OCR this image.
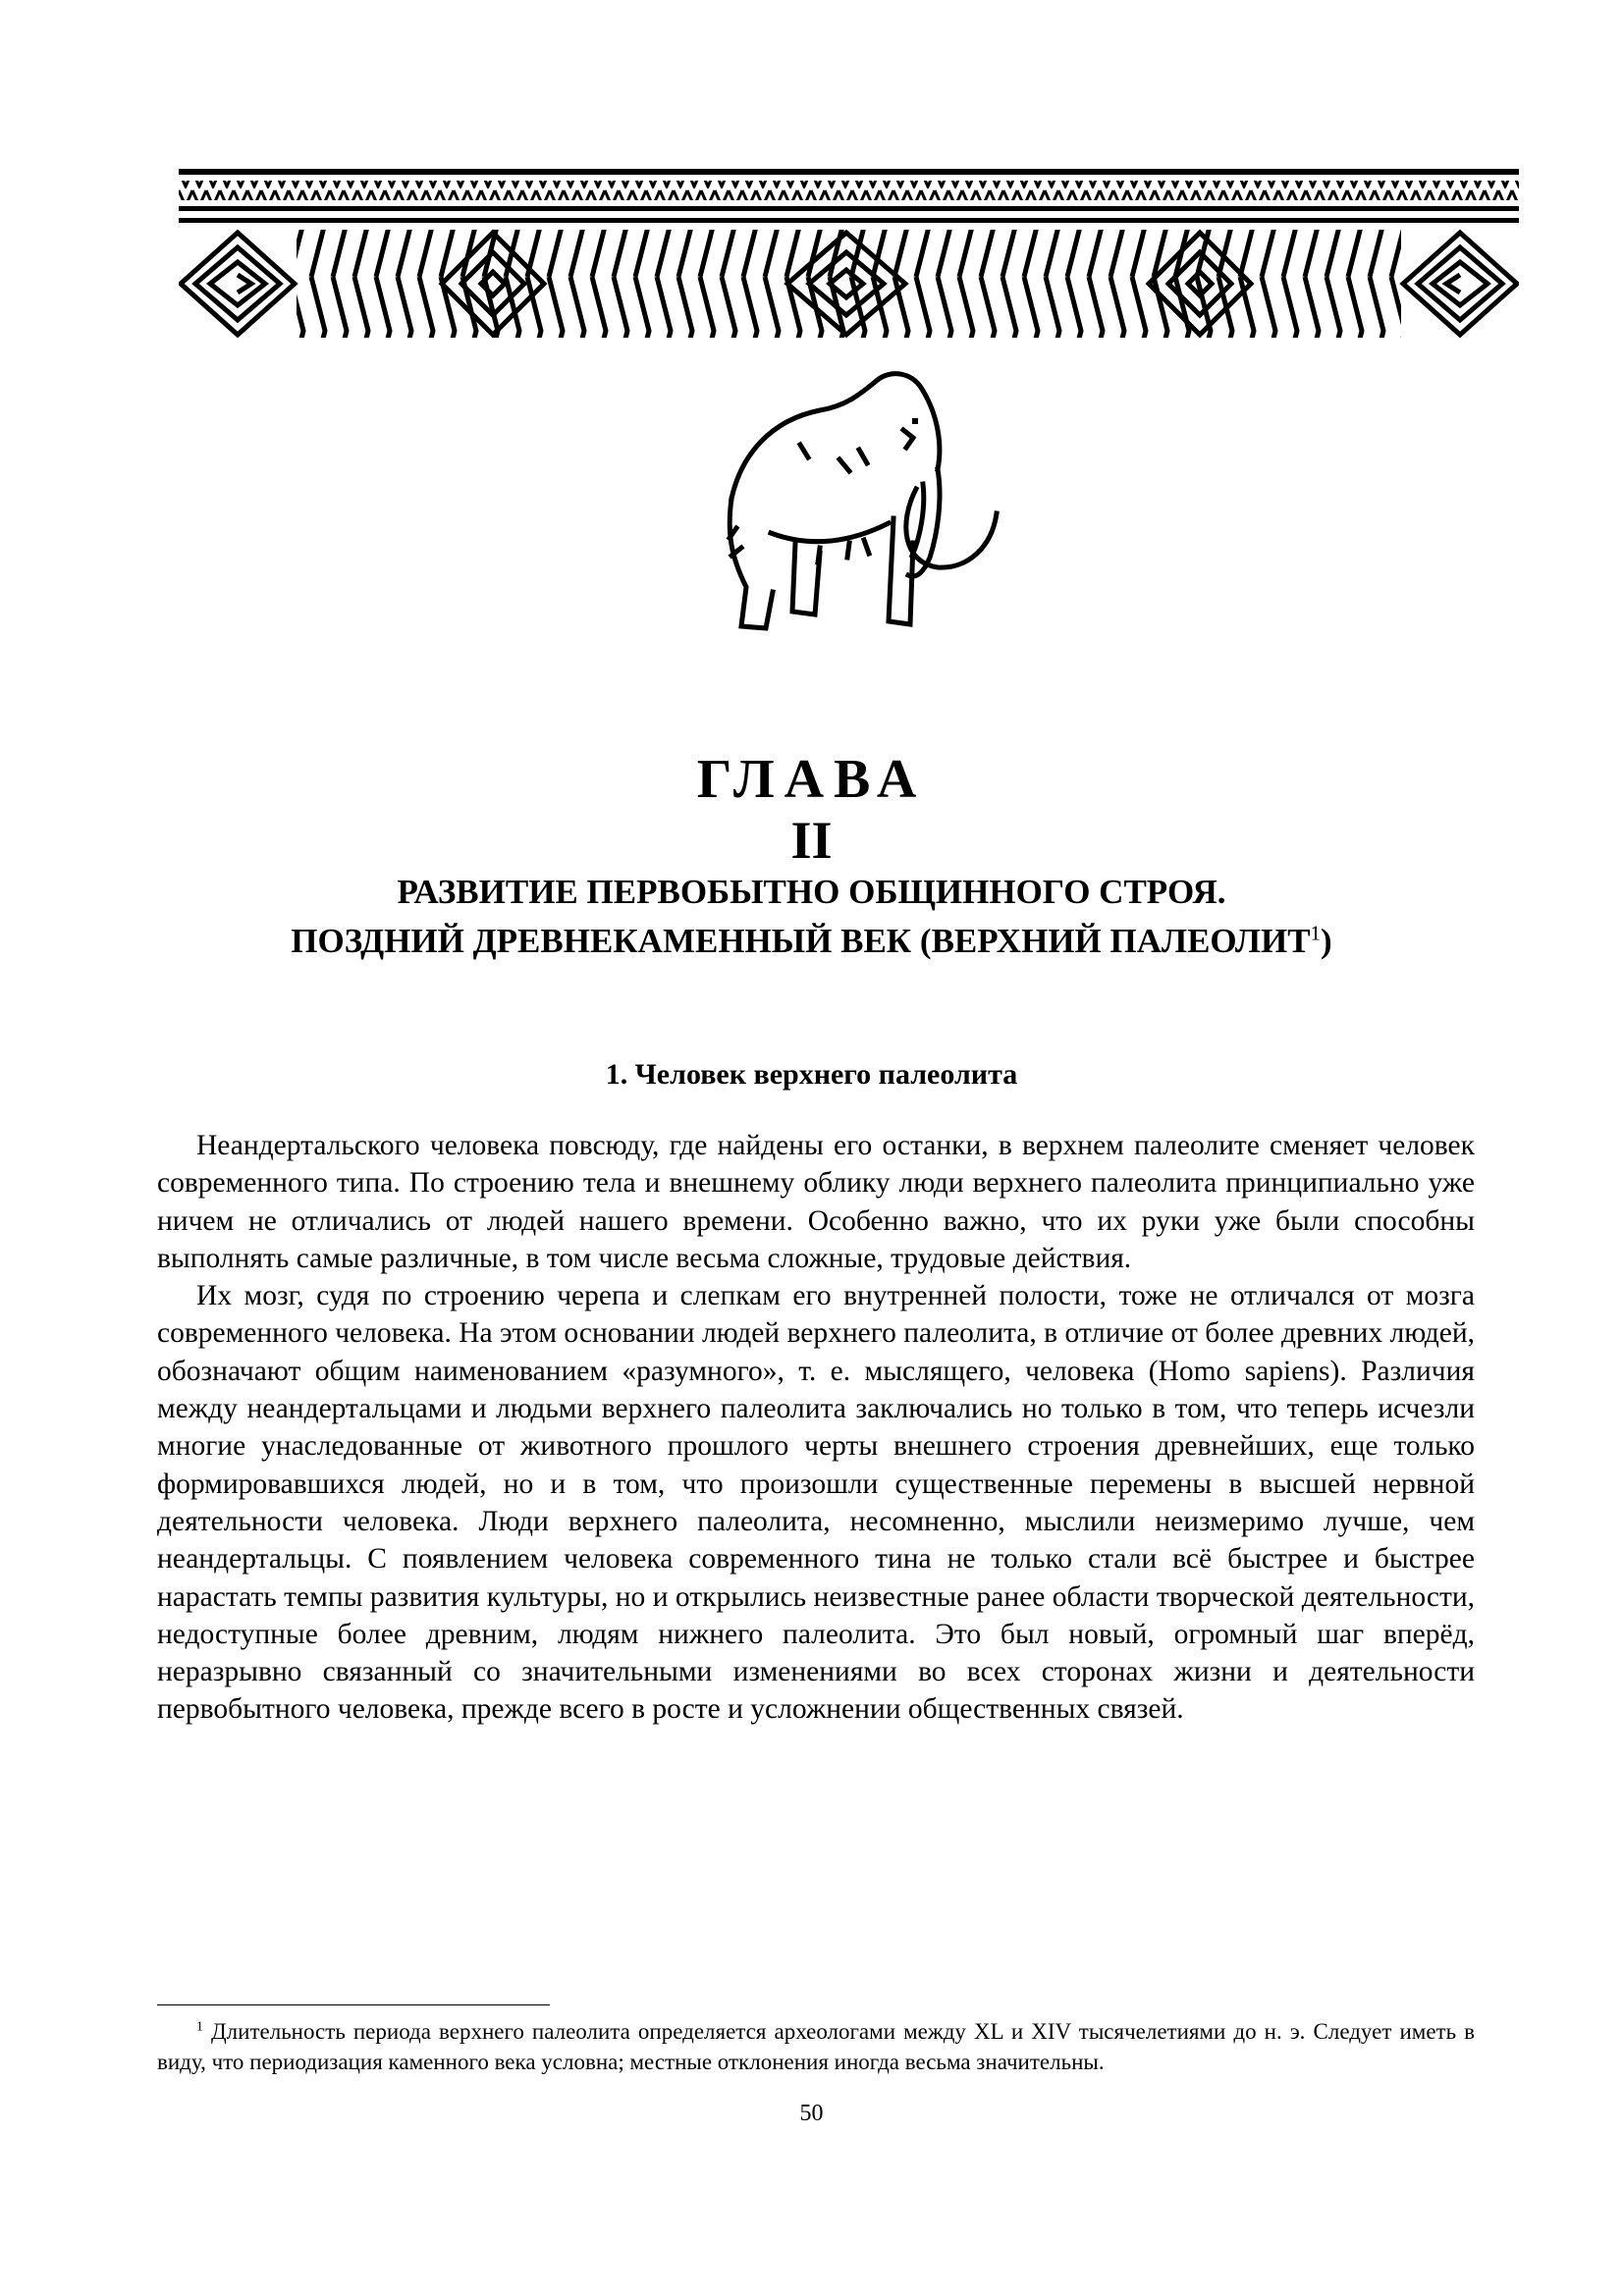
ГЛАВА
II
РАЗВИТИЕ ПЕРВОБЫТНО ОБЩИННОГО СТРОЯ.
ПОЗДНИЙ ДРЕВНЕКАМЕННЫЙ ВЕК (ВЕРХНИЙ ПАЛЕОЛИТ$^1$)
1. Человек верхнего палеолита

Неандертальского человека повсюду, где найдены его останки, в верхнем палеолите сменяет человек современного типа. По строению тела и внешнему облику люди верхнего палеолита принципиально уже ничем не отличались от людей нашего времени. Особенно важно, что их руки уже были способны выполнять самые различные, в том числе весьма сложные, трудовые действия.

Их мозг, судя по строению черепа и слепкам его внутренней полости, тоже не отличался от мозга современного человека. На этом основании людей верхнего палеолита, в отличие от более древних людей, обозначают общим наименованием «разумного», т. е. мыслящего, человека (Homo sapiens). Различия между неандертальцами и людьми верхнего палеолита заключались но только в том, что теперь исчезли многие унаследованные от животного прошлого черты внешнего строения древнейших, еще только формировавшихся людей, но и в том, что произошли существенные перемены в высшей нервной деятельности человека. Люди верхнего палеолита, несомненно, мыслили неизмеримо лучше, чем неандертальцы. С появлением человека современного тина не только стали всё быстрее и быстрее нарастать темпы развития культуры, но и открылись неизвестные ранее области творческой деятельности, недоступные более древним, людям нижнего палеолита. Это был новый, огромный шаг вперёд, неразрывно связанный со значительными изменениями во всех сторонах жизни и деятельности первобытного человека, прежде всего в росте и усложнении общественных связей.

$^1$ Длительность периода верхнего палеолита определяется археологами между XL и XIV тысячелетиями до н. э. Следует иметь в виду, что периодизация каменного века условна; местные отклонения иногда весьма значительны.

50
